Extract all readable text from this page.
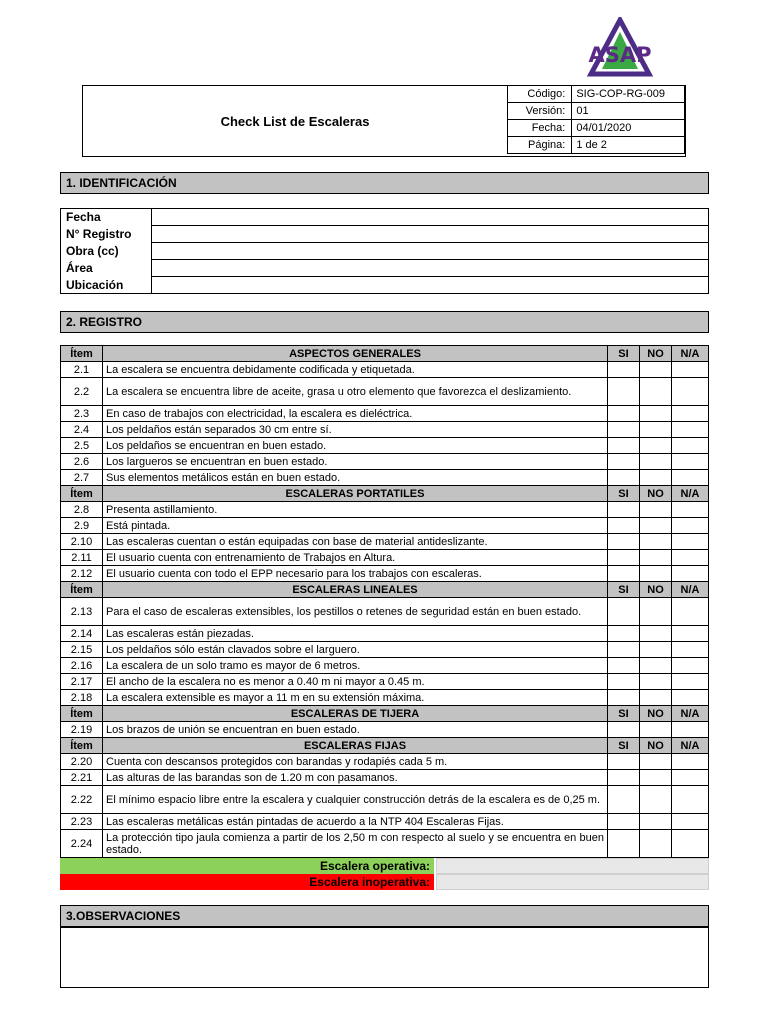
ASAP
Check List de Escaleras
Código:	SIG-COP-RG-009
Versión:	01
Fecha:	04/01/2020
Página:	1 de 2
1. IDENTIFICACIÓN
Fecha	
N° Registro	
Obra (cc)	
Área	
Ubicación	
2. REGISTRO
Ítem	ASPECTOS GENERALES	SI	NO	N/A
2.1	La escalera se encuentra debidamente codificada y etiquetada.			
2.2	La escalera se encuentra libre de aceite, grasa u otro elemento que favorezca el deslizamiento.			
2.3	En caso de trabajos con electricidad, la escalera es dieléctrica.			
2.4	Los peldaños están separados 30 cm entre sí.			
2.5	Los peldaños se encuentran en buen estado.			
2.6	Los largueros se encuentran en buen estado.			
2.7	Sus elementos metálicos están en buen estado.			
Ítem	ESCALERAS PORTATILES	SI	NO	N/A
2.8	Presenta astillamiento.			
2.9	Está pintada.			
2.10	Las escaleras cuentan o están equipadas con base de material antideslizante.			
2.11	El usuario cuenta con entrenamiento de Trabajos en Altura.			
2.12	El usuario cuenta con todo el EPP necesario para los trabajos con escaleras.			
Ítem	ESCALERAS LINEALES	SI	NO	N/A
2.13	Para el caso de escaleras extensibles, los pestillos o retenes de seguridad están en buen estado.			
2.14	Las escaleras están piezadas.			
2.15	Los peldaños sólo están clavados sobre el larguero.			
2.16	La escalera de un solo tramo es mayor de 6 metros.			
2.17	El ancho de la escalera no es menor a 0.40 m ni mayor a 0.45 m.			
2.18	La escalera extensible es mayor a 11 m en su extensión máxima.			
Ítem	ESCALERAS DE TIJERA	SI	NO	N/A
2.19	Los brazos de unión se encuentran en buen estado.			
Ítem	ESCALERAS FIJAS	SI	NO	N/A
2.20	Cuenta con descansos protegidos con barandas y rodapiés cada 5 m.			
2.21	Las alturas de las barandas son de 1.20 m con pasamanos.			
2.22	El mínimo espacio libre entre la escalera y cualquier construcción detrás de la escalera es de 0,25 m.			
2.23	Las escaleras metálicas están pintadas de acuerdo a la NTP 404 Escaleras Fijas.			
2.24	La protección tipo jaula comienza a partir de los 2,50 m con respecto al suelo y se encuentra en buen estado.			
Escalera operativa:
Escalera inoperativa:
3.OBSERVACIONES
